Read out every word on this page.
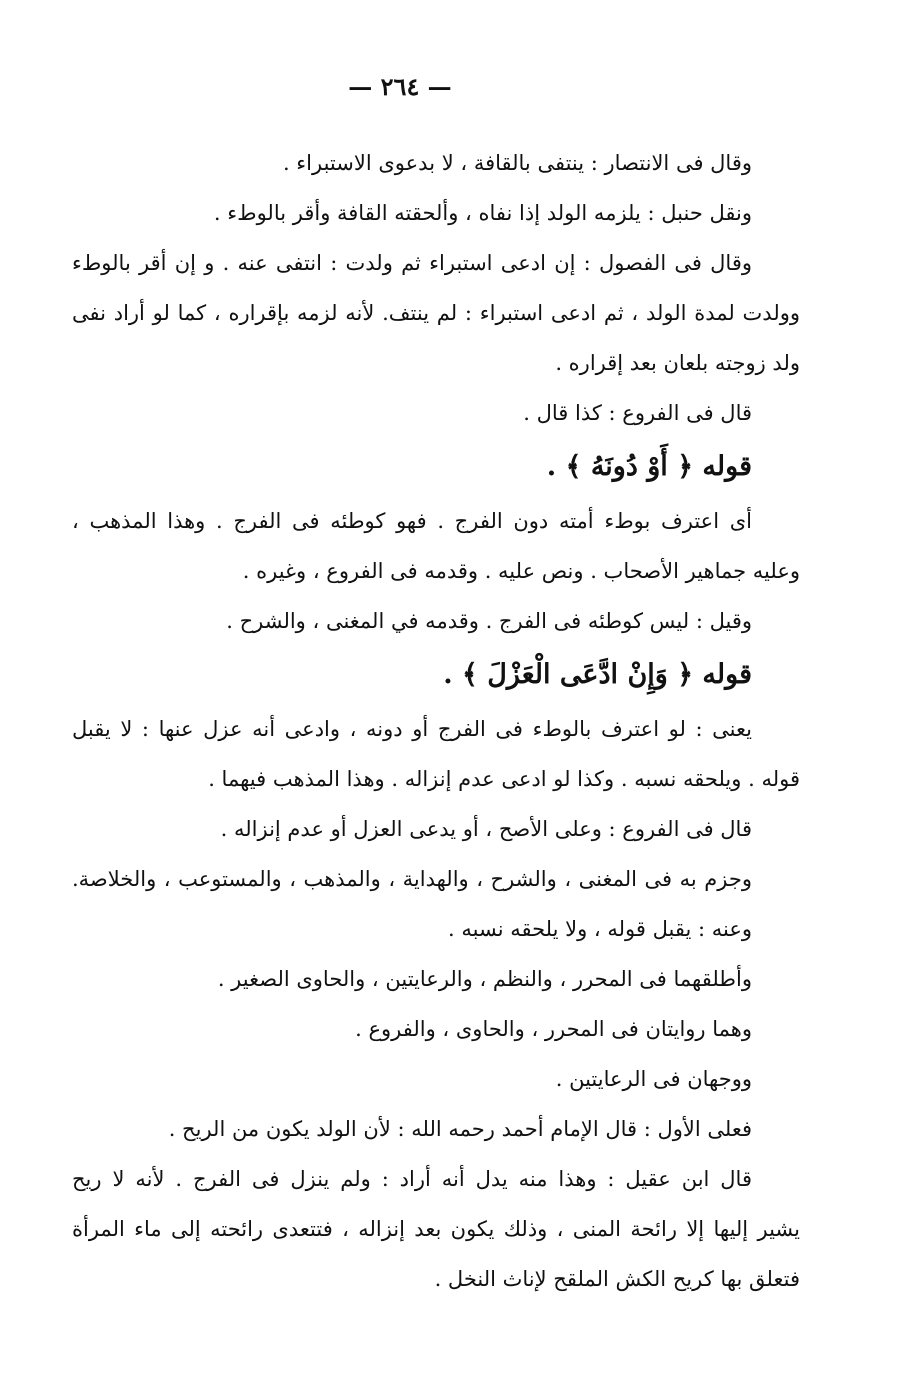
— ٢٦٤ —
وقال فى الانتصار : ينتفى بالقافة ، لا بدعوى الاستبراء .
ونقل حنبل : يلزمه الولد إذا نفاه ، وألحقته القافة وأقر بالوطء .
وقال فى الفصول : إن ادعى استبراء ثم ولدت : انتفى عنه . و إن أقر بالوطء
وولدت لمدة الولد ، ثم ادعى استبراء : لم ينتف. لأنه لزمه بإقراره ، كما لو أراد نفى
ولد زوجته بلعان بعد إقراره .
قال فى الفروع : كذا قال .
قوله ﴿ أَوْ دُونَهُ ﴾ .
أى اعترف بوطء أمته دون الفرج . فهو كوطئه فى الفرج . وهذا المذهب ،
وعليه جماهير الأصحاب . ونص عليه . وقدمه فى الفروع ، وغيره .
وقيل : ليس كوطئه فى الفرج . وقدمه في المغنى ، والشرح .
قوله ﴿ وَإِنْ ادَّعَى الْعَزْلَ ﴾ .
يعنى : لو اعترف بالوطء فى الفرج أو دونه ، وادعى أنه عزل عنها : لا يقبل
قوله . ويلحقه نسبه . وكذا لو ادعى عدم إنزاله . وهذا المذهب فيهما .
قال فى الفروع : وعلى الأصح ، أو يدعى العزل أو عدم إنزاله .
وجزم به فى المغنى ، والشرح ، والهداية ، والمذهب ، والمستوعب ، والخلاصة.
وعنه : يقبل قوله ، ولا يلحقه نسبه .
وأطلقهما فى المحرر ، والنظم ، والرعايتين ، والحاوى الصغير .
وهما روايتان فى المحرر ، والحاوى ، والفروع .
ووجهان فى الرعايتين .
فعلى الأول : قال الإمام أحمد رحمه الله : لأن الولد يكون من الريح .
قال ابن عقيل : وهذا منه يدل أنه أراد : ولم ينزل فى الفرج . لأنه لا ريح
يشير إليها إلا رائحة المنى ، وذلك يكون بعد إنزاله ، فتتعدى رائحته إلى ماء المرأة
فتعلق بها كريح الكش الملقح لإناث النخل .
